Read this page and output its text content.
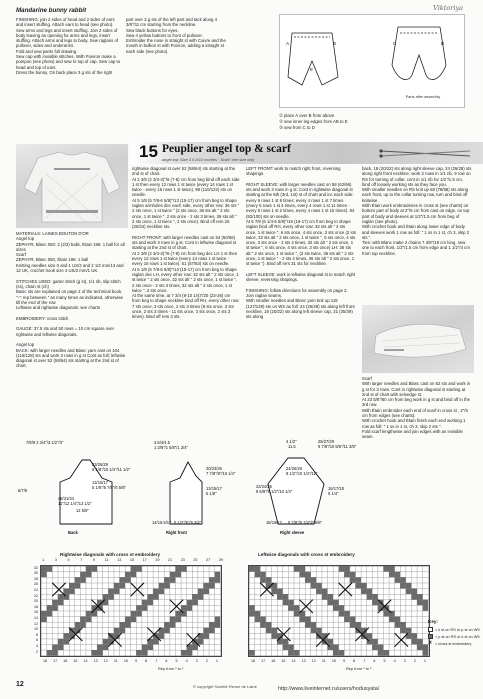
Viktoriya
Mandarine bunny rabbit
FINISHING: join 2 sides of head and 2 sides of ears and insert stuffing. Attach ears to head (see photo).
Sew arms and legs and insert stuffing. Join 2 sides of body leaving an opening for arms and legs, insert stuffing. Attach arms and legs to body. Sew raglans of pullover, sides and underarms.
Fold and sew pants foll drawing.
Sew cap with invisible stitches. With Poivron make a pompon (see photo) and sew to top of cap. Sew cap to head and top of ears.
Dress the bunny. On back place 3 g sts of the right
part over 3 g sts of the left part and tack along 4 3/8"/11 cm starting from the neckline.
Sew black buttons for eyes.
Sew 4 yellow buttons to front of pullover.
Embroider the nose in straight st with Cuivre and the mouth in bullion st with Poivron, adding a straight st each side (see photo).
A	B
E
C	D
Parts after assembly
① place A over B from above
② sew inner leg edges from AB to E
③ sew from C to D
15 Peuplier angel top & scarf
angel top: Size 3 6-9/12 months · Scarf: one size only
MATERIALS: LAINES BOUTON D'OR
Angel top
ZEPHYR, Blanc 050: 2 (2/3) balls, Étain 196: 1 ball for all sizes
Scarf
ZEPHYR, Blanc 050, Étain 196: 1 ball
Knitting needles size 0 and 1 US/2 and 2 1/2 mm/13 and 12 UK, crochet hook size 4 US/2 mm/1 UK.

STITCHES USED: garter stitch (g st), 1/1 rib, slip stitch (ss), chain st (ch)
Basic sts are explained on page 2 of the technical book.
"-": rep between " as many times as indicated, otherwise till the end of the row
Leftwise and rightwise diagonals: see charts

EMBROIDERY: cross stitch

GAUGE: 37.5 sts and 50 rows = 10 cm square over rightwise and leftwise diagonals.

Angel top
BACK: with larger needles and Blanc yarn cast on 104 (116/128) sts and work 3 rows in g st Cont as foll: leftwise diagonal st over 52 (58/64) sts starting at the 2nd st of chart,
rightwise diagonal st over 52 (58/64) sts starting at the 2nd st of chart.
At 2 3/8 (2 3/4-3)"/6 (7-8) cm from beg bind off each side 1 st then every 12 rows 1 st twice (every 14 rows 1 st twice - every 16 rows 1 st twice), 98 (110/122) sts on needle.
At 5 1/8 (5 7/8-6 5/8)"/13 (15-17) cm from beg to shape raglan armholes dec each side, every other row: 36 sts " 2 sts once, 1 st twice " (2 sts once, 36 sts alt " 2 sts once, 1 st twice ", 2 sts once - 2 sts 3 times, 36 sts alt " 2 sts once, 1 st twice ", 2 sts once). Bind off rem 26 (30/34) neckline sts.

RIGHT FRONT: with larger needles cast on 54 (60/66) sts and work 3 rows in g st. Cont in leftwise diagonal st starting at the 2nd st of chart.
At 2 3/8 (2 3/4-3)"/6 (7-8) cm from beg dec LH 1 st then every 12 rows 1 st twice (every 14 rows 1 st twice - every 16 rows 1 st twice). 51 (57/63) sts on needle.
At 5 1/8 (5 7/8-6 5/8)"/13 (15-17) cm from beg to shape raglan dec LH, every other row: 32 sts alt " 2 sts once, 1 st twice " 2 sts once, 32 sts alt " 2 sts once, 1 st twice ", 2 sts once - 2 sts 3 times, 32 sts alt " 2 sts once, 1 st twice ", 2 sts once.
At the same time, at 7 3/4 (9-10 1/4)"/20 (23-26) cm from beg to shape neckline bind off RH, every other row: 7 sts once, 3 sts once, 2 sts 3 times (8 sts once, 3 sts once, 2 sts 3 times - 11 sts once, 3 sts once, 2 sts 3 times). Bind off rem 3 sts.
LEFT FRONT: work to match right front, reversing shapings.

RIGHT SLEEVE: with larger needles cast on 58 (62/66) sts and work 3 rows in g st. Cont in rightwise diagonal st starting at the 5th (3rd, 1st) st of chart and inc each side: every 6 rows 1 st 8 times; every 4 rows 1 st 7 times (every 6 rows 1 st 4 times, every 4 rows 1 st 11 times - every 6 rows 1 st 2 times, every 4 rows 1 st 15 times). 84 (92/100) sts on needle.
At 5 7/8 (6 1/4-6 5/8)"/15 (16-17) cm from beg to shape raglan bind off RH, every other row: 32 sts alt " 2 sts once, 1 st twice ", 6 sts once, 4 sts once, 3 sts once (2 sts twice, 32 sts alt " 2 sts once, 1 st twice ", 6 sts once, 4 sts once, 3 sts once - 2 sts 4 times, 32 sts alt " 2 sts once, 1 st twice ", 6 sts once, 4 sts once, 3 sts once) LH: 36 sts alt " 2 sts once, 1 st twice ", (2 sts twice, 36 sts alt " 2 sts once, 1 st twice " - 2 sts 4 times, 36 sts alt " 2 sts once, 1 st twice "). Bind off rem 31 sts for neckline.

LEFT SLEEVE: work in leftwise diagonal st to match right sleeve, reversing shapings.

FINISHING: follow directions for assembly on page 2.
Join raglan seams.
With smaller needles and Blanc yarn knit up 115 (127/139) sts on WS as foll: 24 (26/28) sts along left front neckline, 18 (20/22) sts along left sleeve cap, 31 (35/39) sts along
back, 18 (20/22) sts along right sleeve cap, 24 (26/28) sts along right front neckline: work 2 rows in 1/1 rib, 9 row on RS for turning of collar, cont in 1/1 rib for 1/2"/1.5 cm, bind off loosely working sts as they face you.
With smaller needles on RS knit up 68 (78/88) sts along each front, up to the collar turning row, turn and bind off knitwise.
With Étain work embroideries in cross st (see charts) on bottom part of body at 2"/5 cm from cast on edge, on top part of body and sleeves at 1/2"/1.5 cm from beg of raglan (see photo).
With crochet hook and Étain along lower edge of body and sleeves work 1 row as foll: " 1 ss in 1 st, ch 3, skip 2 sts ".
Ties: with Blanc make 2 chains 7 3/8"/19 cm long, sew one to each front, 1/2"/1.5 cm from edge and 1 1/2"/4 cm from top neckline.
Scarf
With larger needles and Blanc cast on 62 sts and work in g st for 3 rows. Cont in rightwise diagonal st starting at 2nd st of chart with selvedge st.
At 23 5/8"/60 cm from beg work in g st and bind off in the 3rd row.
With Étain embroider each end of scarf in cross st , 2"/5 cm from edges (see charts).
With crochet hook and Étain finish each end working 1 row as foll: " 1 ss in 1 st, ch 3, skip 2 sts ".
Fold scarf lengthwise and join edges with an invisible seam.
7/8/9 2 3/4"/3 1/2"/3"
23/26/29
9 1/8"/10 1/4"/11 1/2"
13/15/17
5 1/8"/5 7/8"/6 5/8"
28/31/34
11"/12 1/4"/13 1/2"
6/7/8
12 5/8"
Back
3.5/4/4.5
1 3/8"/1 5/8"/1 3/4"
20/23/26
7 7/8"/9"/10 1/4"
13/15/17
5 1/8"
14/15.5/17 5 1/2"/6"/6 3/4"
Right front
4 1/2"
11.5
25/27/29
9 7/8"/10 5/8"/11 3/8"
22/24/26
8 5/8"/9 1/2"/10 1/4"
24/26/28
9 1/2"/10 1/4"/11"
16/17/18
6 1/4"
15/16/17 5 7/8"/6 1/4"/6 5/8"
Right sleeve
Rightwise diagonals with cross st embroidery	Leftwise diagonals with cross st embroidery
1	3	5	7	9	11	13	15	17	19	21	23	25	27	29
2
4
6
8
10
12
14
16
18
20
22
24
26
28
30
32
18	17	16	15	14	13	12	11	10	9	8	7	6	5	4	3	2	1	18	17	16	15	14	13	12	11	10	9	8	7	6	5	4	3	2	1
Rep from * to *	Rep from * to *
Key:
= k st on RS or p st on WS
= p st on RS or k st on WS
✕ = cross st embroidery
12	© copyright Société Revue de Laine	http://www.liveinternet.ru/users/hodusyata/
